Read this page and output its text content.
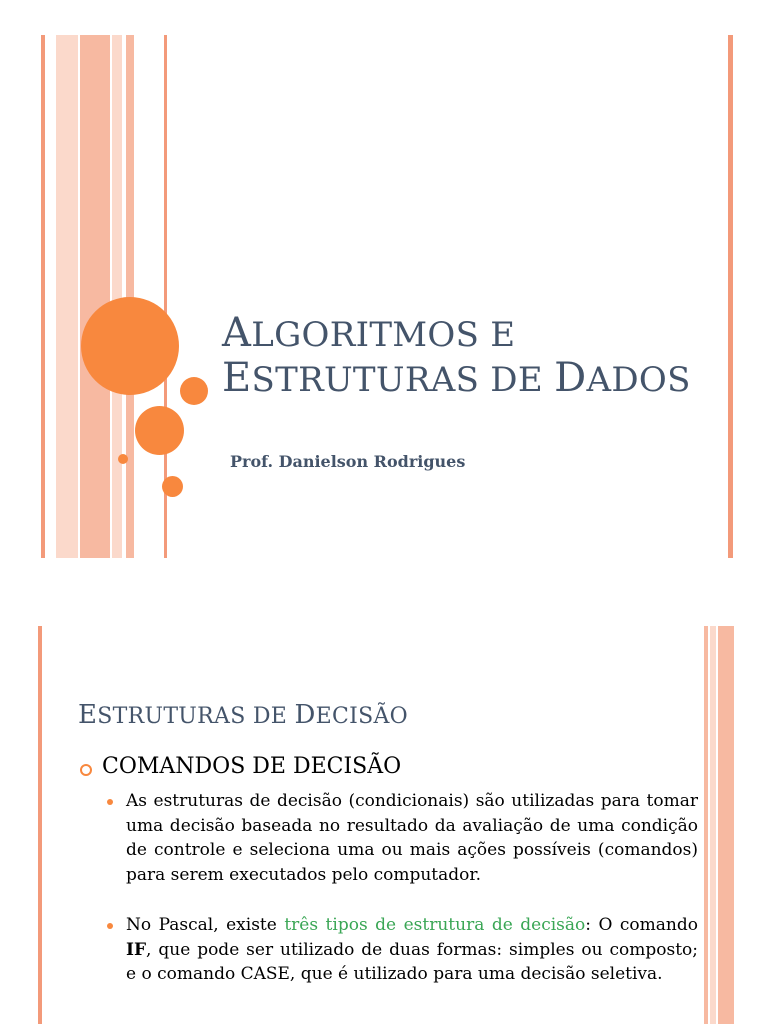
ALGORITMOS E
ESTRUTURAS DE DADOS

Prof. Danielson Rodrigues

ESTRUTURAS DE DECISÃO

COMANDOS DE DECISÃO

As estruturas de decisão (condicionais) são utilizadas para tomar uma decisão baseada no resultado da avaliação de uma condição de controle e seleciona uma ou mais ações possíveis (comandos) para serem executados pelo computador.

No Pascal, existe três tipos de estrutura de decisão: O comando IF, que pode ser utilizado de duas formas: simples ou composto; e o comando CASE, que é utilizado para uma decisão seletiva.
